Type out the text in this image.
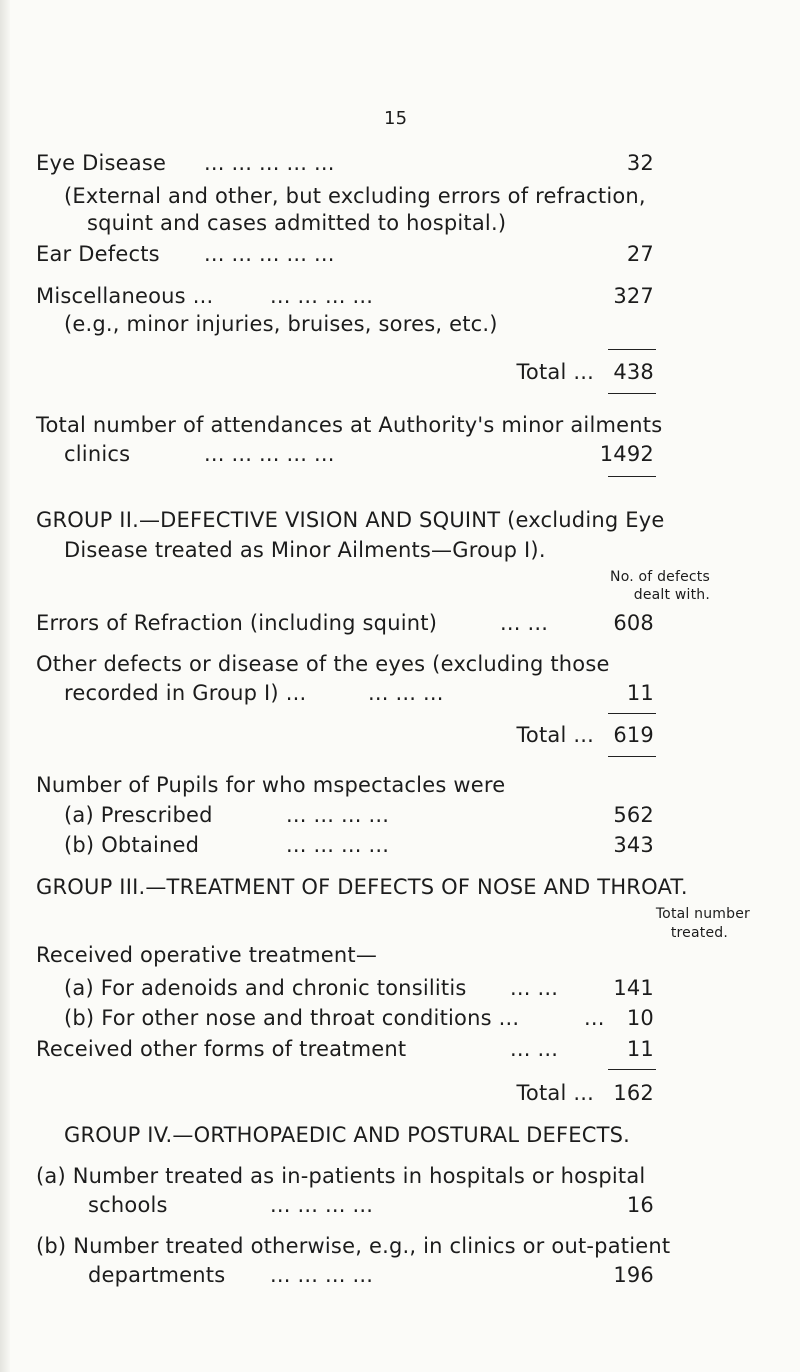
15
Eye Disease ... ... ... ... ...	32
(External and other, but excluding errors of refraction,
squint and cases admitted to hospital.)
Ear Defects ... ... ... ... ...	27
Miscellaneous ...	... ... ... ...	327
(e.g., minor injuries, bruises, sores, etc.)
Total ... 438
Total number of attendances at Authority's minor ailments
clinics	... ... ... ... ...	1492
GROUP II.—DEFECTIVE VISION AND SQUINT (excluding Eye
Disease treated as Minor Ailments—Group I).
No. of defects
dealt with.
Errors of Refraction (including squint)	... ...	608
Other defects or disease of the eyes (excluding those
recorded in Group I) ...	... ... ...	11
Total ... 619
Number of Pupils for who mspectacles were
(a) Prescribed	... ... ... ...	562
(b) Obtained	... ... ... ...	343
GROUP III.—TREATMENT OF DEFECTS OF NOSE AND THROAT.
Total number
treated.
Received operative treatment—
(a) For adenoids and chronic tonsilitis ... ...	141
(b) For other nose and throat conditions ...	... 10
Received other forms of treatment	... ...	11
Total ... 162
GROUP IV.—ORTHOPAEDIC AND POSTURAL DEFECTS.
(a) Number treated as in-patients in hospitals or hospital
schools	... ... ... ...	16
(b) Number treated otherwise, e.g., in clinics or out-patient
departments ... ... ... ...	196
